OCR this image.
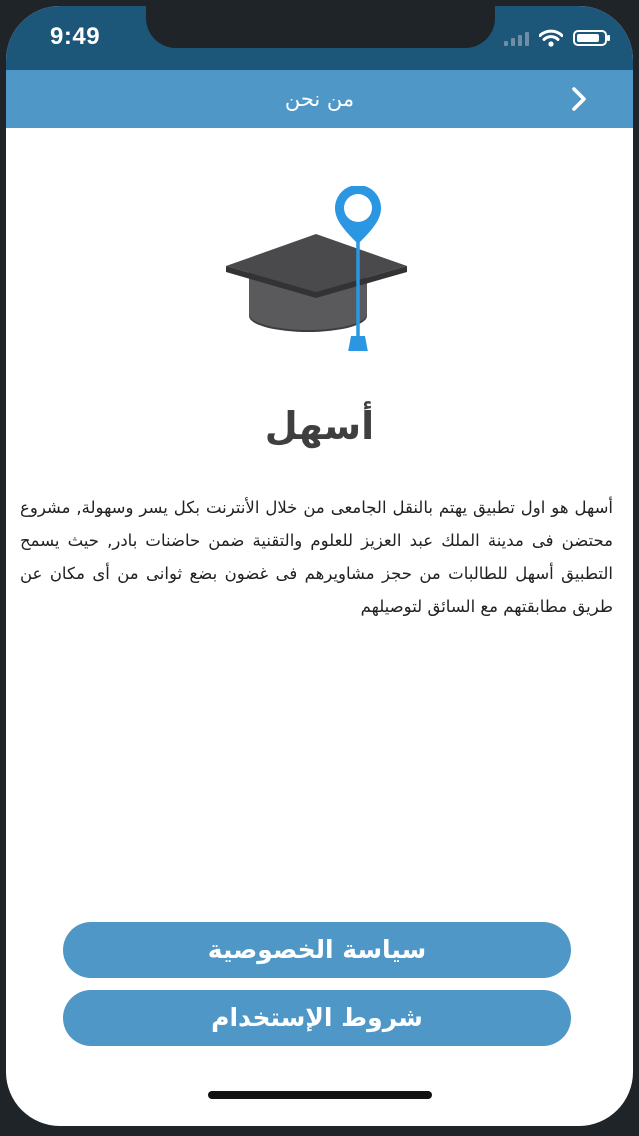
9:49
من نحن
أسهل

أسهل هو اول تطبيق يهتم بالنقل الجامعى من خلال الأنترنت بكل يسر وسهولة, مشروع محتضن فى مدينة الملك عبد العزيز للعلوم والتقنية ضمن حاضنات بادر, حيث يسمح التطبيق أسهل للطالبات من حجز مشاويرهم فى غضون بضع ثوانى من أى مكان عن طريق مطابقتهم مع السائق لتوصيلهم

سياسة الخصوصية
شروط الإستخدام
